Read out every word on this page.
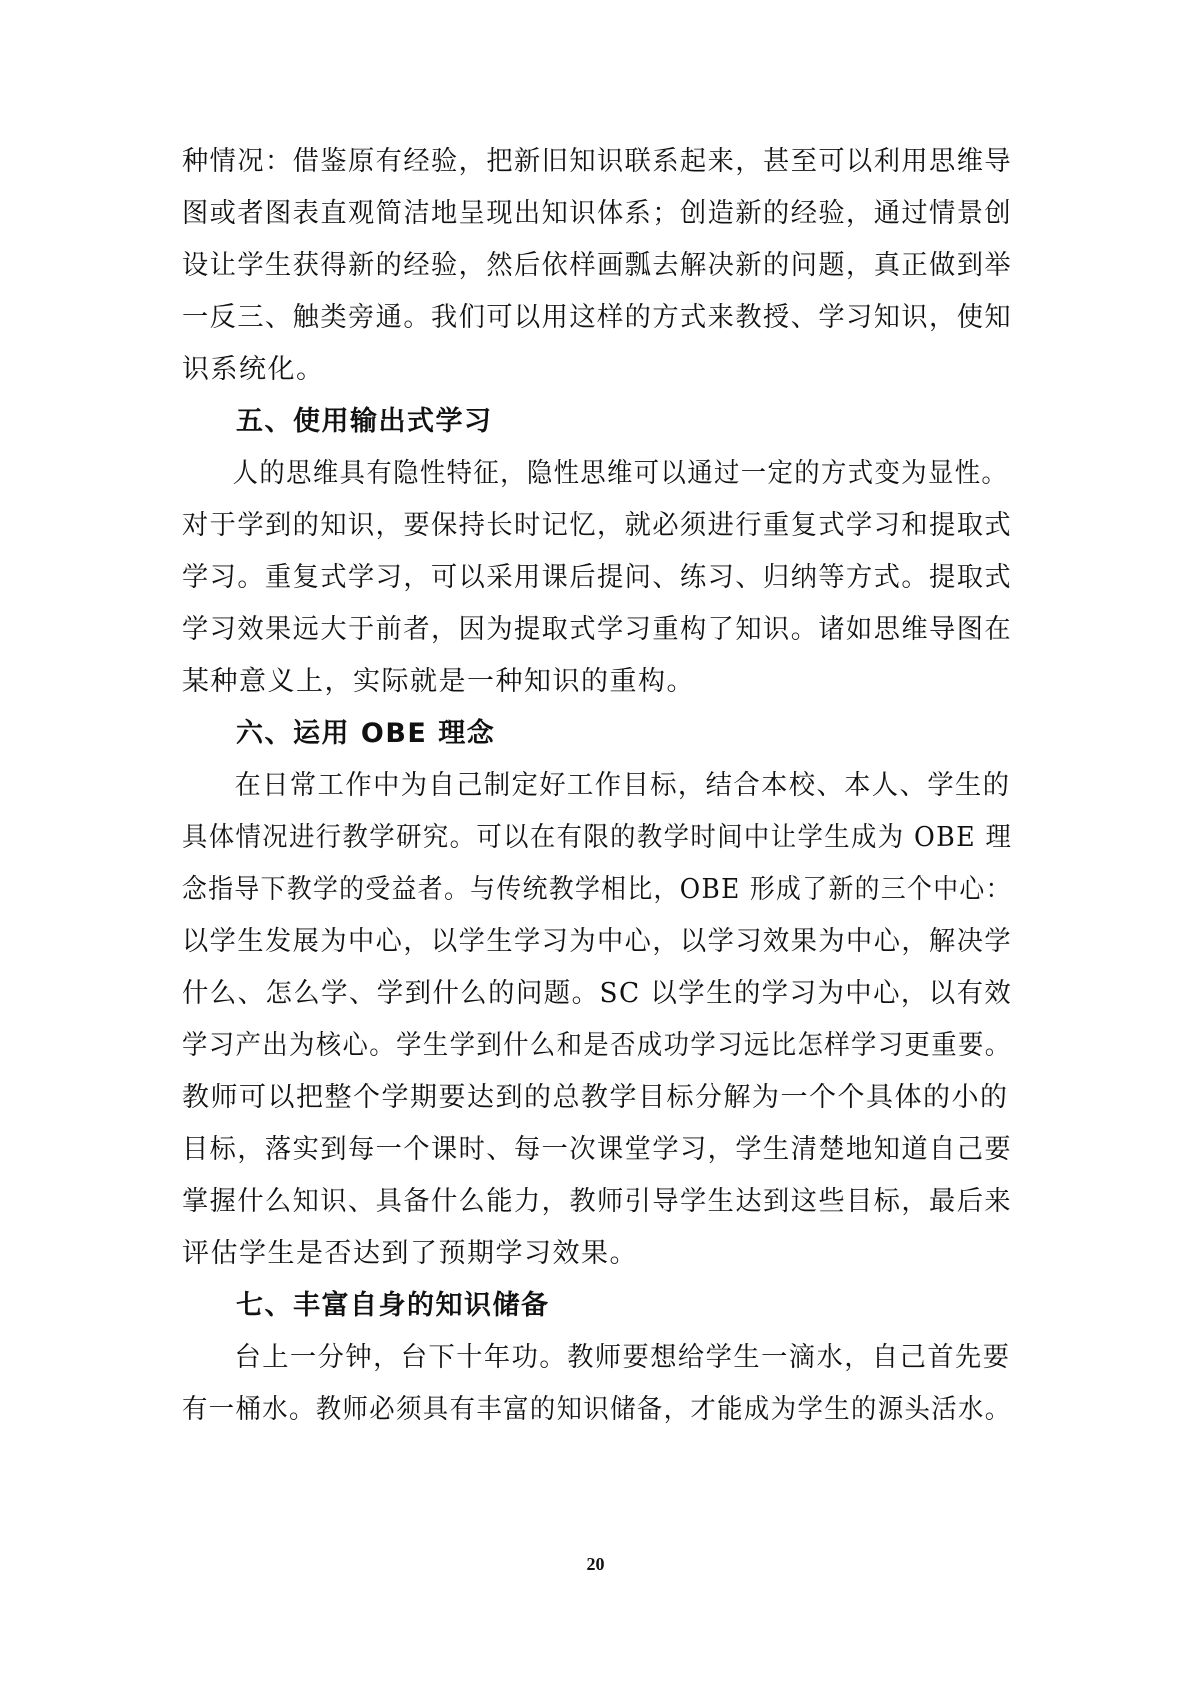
种情况：借鉴原有经验，把新旧知识联系起来，甚至可以利用思维导
图或者图表直观简洁地呈现出知识体系；创造新的经验，通过情景创
设让学生获得新的经验，然后依样画瓢去解决新的问题，真正做到举
一反三、触类旁通。我们可以用这样的方式来教授、学习知识，使知
识系统化。
五、使用输出式学习
人的思维具有隐性特征，隐性思维可以通过一定的方式变为显性。
对于学到的知识，要保持长时记忆，就必须进行重复式学习和提取式
学习。重复式学习，可以采用课后提问、练习、归纳等方式。提取式
学习效果远大于前者，因为提取式学习重构了知识。诸如思维导图在
某种意义上，实际就是一种知识的重构。
六、运用 OBE 理念
在日常工作中为自己制定好工作目标，结合本校、本人、学生的
具体情况进行教学研究。可以在有限的教学时间中让学生成为 OBE 理
念指导下教学的受益者。与传统教学相比，OBE 形成了新的三个中心：
以学生发展为中心，以学生学习为中心，以学习效果为中心，解决学
什么、怎么学、学到什么的问题。SC 以学生的学习为中心，以有效
学习产出为核心。学生学到什么和是否成功学习远比怎样学习更重要。
教师可以把整个学期要达到的总教学目标分解为一个个具体的小的
目标，落实到每一个课时、每一次课堂学习，学生清楚地知道自己要
掌握什么知识、具备什么能力，教师引导学生达到这些目标，最后来
评估学生是否达到了预期学习效果。
七、丰富自身的知识储备
台上一分钟，台下十年功。教师要想给学生一滴水，自己首先要
有一桶水。教师必须具有丰富的知识储备，才能成为学生的源头活水。
20
